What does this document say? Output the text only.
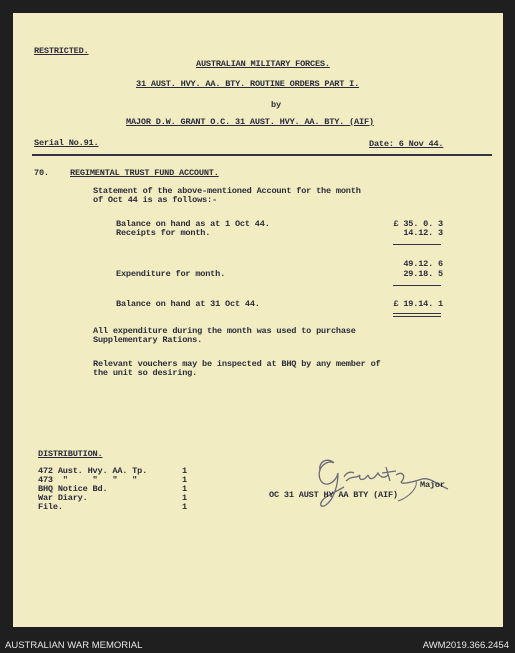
RESTRICTED.
AUSTRALIAN MILITARY FORCES.
31 AUST. HVY. AA. BTY. ROUTINE ORDERS PART I.
by
MAJOR D.W. GRANT O.C. 31 AUST. HVY. AA. BTY. (AIF)
Serial No.91.	Date: 6 Nov 44.
70. REGIMENTAL TRUST FUND ACCOUNT.
Statement of the above-mentioned Account for the month
of Oct 44 is as follows:-
Balance on hand as at 1 Oct 44.	£ 35. 0. 3
Receipts for month.	14.12. 3
49.12. 6
Expenditure for month.	29.18. 5
Balance on hand at 31 Oct 44.	£ 19.14. 1
All expenditure during the month was used to purchase
Supplementary Rations.
Relevant vouchers may be inspected at BHQ by any member of
the unit so desiring.
DISTRIBUTION.
472 Aust. Hvy. AA. Tp.	1
473  "     "   "   "	1
BHQ Notice Bd.	1
War Diary.	1
File.	1
Major
OC 31 AUST HY AA BTY (AIF)
AUSTRALIAN WAR MEMORIAL	AWM2019.366.2454
